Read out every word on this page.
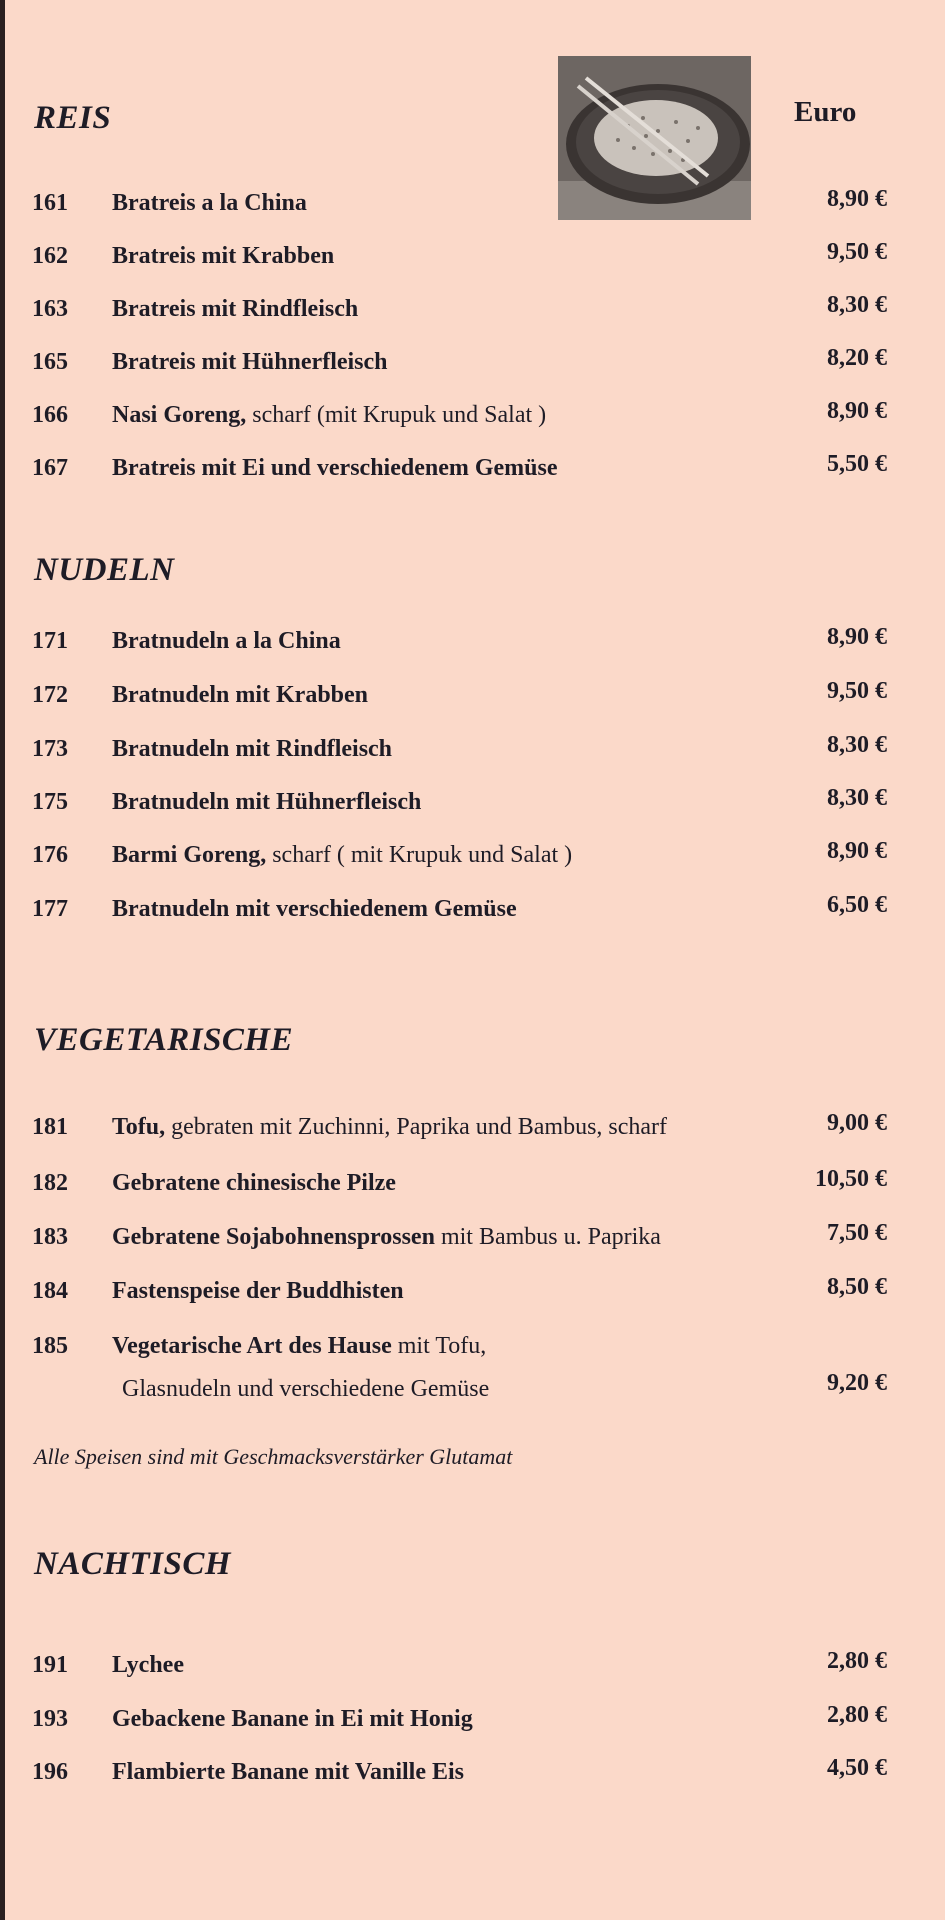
REIS	Euro
161 Bratreis a la China	8,90 €
162 Bratreis mit Krabben	9,50 €
163 Bratreis mit Rindfleisch	8,30 €
165 Bratreis mit Hühnerfleisch	8,20 €
166 Nasi Goreng, scharf (mit Krupuk und Salat )	8,90 €
167 Bratreis mit Ei und verschiedenem Gemüse	5,50 €
NUDELN
171 Bratnudeln a la China	8,90 €
172 Bratnudeln mit Krabben	9,50 €
173 Bratnudeln mit Rindfleisch	8,30 €
175 Bratnudeln mit Hühnerfleisch	8,30 €
176 Barmi Goreng, scharf ( mit Krupuk und Salat )	8,90 €
177 Bratnudeln mit verschiedenem Gemüse	6,50 €
VEGETARISCHE
181 Tofu, gebraten mit Zuchinni, Paprika und Bambus, scharf	9,00 €
182 Gebratene chinesische Pilze	10,50 €
183 Gebratene Sojabohnensprossen mit Bambus u. Paprika	7,50 €
184 Fastenspeise der Buddhisten	8,50 €
185 Vegetarische Art des Hause mit Tofu,
Glasnudeln und verschiedene Gemüse	9,20 €
Alle Speisen sind mit Geschmacksverstärker Glutamat
NACHTISCH
191 Lychee	2,80 €
193 Gebackene Banane in Ei mit Honig	2,80 €
196 Flambierte Banane mit Vanille Eis	4,50 €
